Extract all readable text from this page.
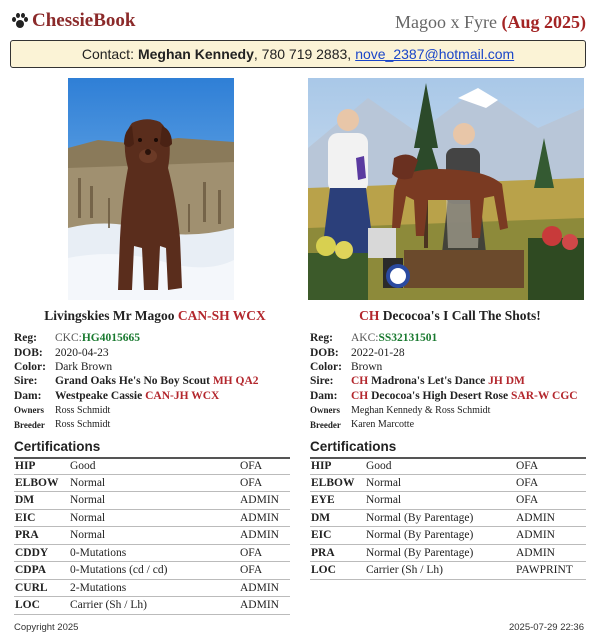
ChessieBook	Magoo x Fyre (Aug 2025)
Contact: Meghan Kennedy , 780 719 2883, nove_2387@hotmail.com
Livingskies Mr Magoo CAN-SH WCX	CH Decocoa's I Call The Shots!
Reg:	CKC:HG4015665
DOB:	2020-04-23
Color: Dark Brown
Sire:	Grand Oaks He's No Boy Scout MH QA2
Dam:	Westpeake Cassie CAN-JH WCX
Owners	Ross Schmidt
Breeder	Ross Schmidt
Reg:	AKC:SS32131501
DOB:	2022-01-28
Color: Brown
Sire:	CH Madrona's Let's Dance JH DM
Dam:	CH Decocoa's High Desert Rose SAR-W CGC
Owners	Meghan Kennedy & Ross Schmidt
Breeder	Karen Marcotte
Certifications	Certifications
HIP	Good	OFA
ELBOW	Normal	OFA
DM	Normal	ADMIN
EIC	Normal	ADMIN
PRA	Normal	ADMIN
CDDY	0-Mutations	OFA
CDPA	0-Mutations (cd / cd)	OFA
CURL	2-Mutations	ADMIN
LOC	Carrier (Sh / Lh)	ADMIN
HIP	Good	OFA
ELBOW	Normal	OFA
EYE	Normal	OFA
DM	Normal (By Parentage)	ADMIN
EIC	Normal (By Parentage)	ADMIN
PRA	Normal (By Parentage)	ADMIN
LOC	Carrier (Sh / Lh)	PAWPRINT
Copyright 2025	2025-07-29 22:36
